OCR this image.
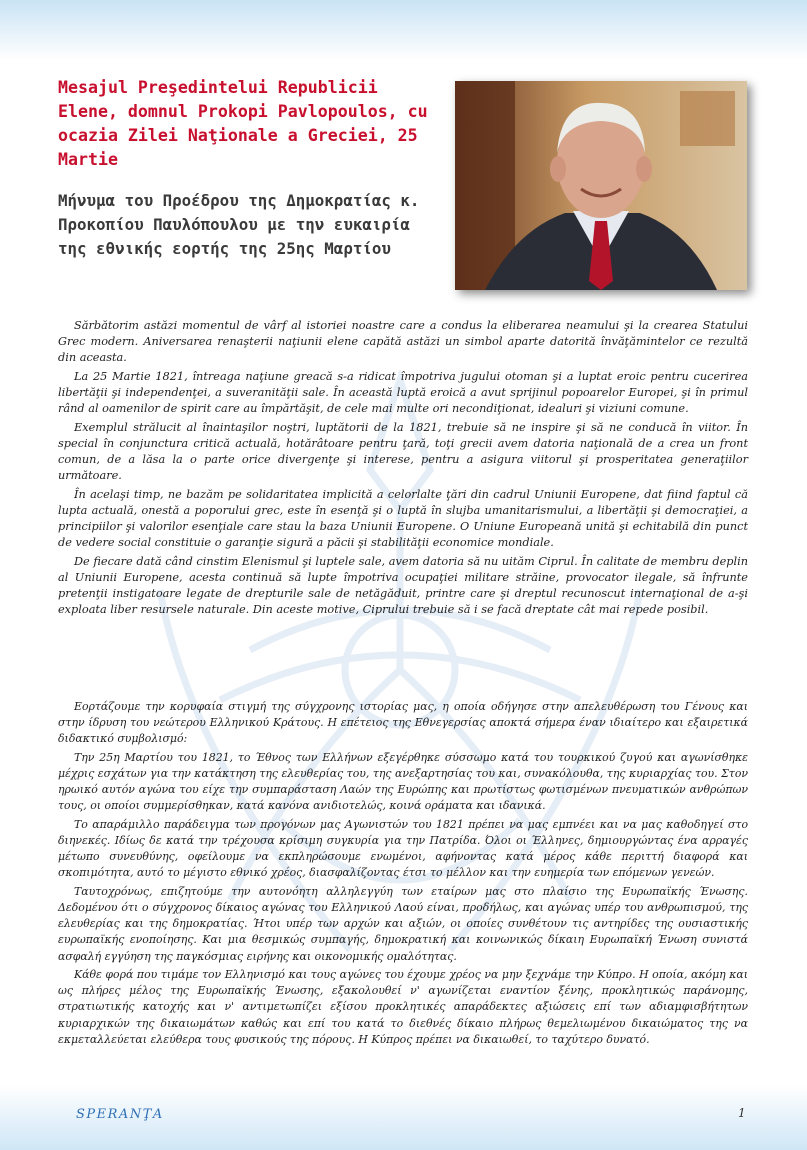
Mesajul Preşedintelui Republicii Elene, domnul Prokopi Pavlopoulos, cu ocazia Zilei Naţionale a Greciei, 25 Martie
Μήνυμα του Προέδρου της Δημοκρατίας κ. Προκοπίου Παυλόπουλου με την ευκαιρία της εθνικής εορτής της 25ης Μαρτίου

Sărbătorim astăzi momentul de vârf al istoriei noastre care a condus la eliberarea neamului şi la crearea Statului Grec modern. Aniversarea renaşterii naţiunii elene capătă astăzi un simbol aparte datorită învăţămintelor ce rezultă din aceasta.

La 25 Martie 1821, întreaga naţiune greacă s-a ridicat împotriva jugului otoman şi a luptat eroic pentru cucerirea libertăţii şi independenţei, a suveranităţii sale. În această luptă eroică a avut sprijinul popoarelor Europei, şi în primul rând al oamenilor de spirit care au împărtăşit, de cele mai multe ori necondiţionat, idealuri şi viziuni comune.

Exemplul strălucit al înaintaşilor noştri, luptătorii de la 1821, trebuie să ne inspire şi să ne conducă în viitor. În special în conjunctura critică actuală, hotărâtoare pentru ţară, toţi grecii avem datoria naţională de a crea un front comun, de a lăsa la o parte orice divergenţe şi interese, pentru a asigura viitorul şi prosperitatea generaţiilor următoare.

În acelaşi timp, ne bazăm pe solidaritatea implicită a celorlalte ţări din cadrul Uniunii Europene, dat fiind faptul că lupta actuală, onestă a poporului grec, este în esenţă şi o luptă în slujba umanitarismului, a libertăţii şi democraţiei, a principiilor şi valorilor esenţiale care stau la baza Uniunii Europene. O Uniune Europeană unită şi echitabilă din punct de vedere social constituie o garanţie sigură a păcii şi stabilităţii economice mondiale.

De fiecare dată când cinstim Elenismul şi luptele sale, avem datoria să nu uităm Ciprul. În calitate de membru deplin al Uniunii Europene, acesta continuă să lupte împotriva ocupaţiei militare străine, provocator ilegale, să înfrunte pretenţii instigatoare legate de drepturile sale de netăgăduit, printre care şi dreptul recunoscut internaţional de a-şi exploata liber resursele naturale. Din aceste motive, Ciprului trebuie să i se facă dreptate cât mai repede posibil.

Εορτάζουμε την κορυφαία στιγμή της σύγχρονης ιστορίας μας, η οποία οδήγησε στην απελευθέρωση του Γένους και στην ίδρυση του νεώτερου Ελληνικού Κράτους. Η επέτειος της Εθνεγερσίας αποκτά σήμερα έναν ιδιαίτερο και εξαιρετικά διδακτικό συμβολισμό:

Την 25η Μαρτίου του 1821, το Έθνος των Ελλήνων εξεγέρθηκε σύσσωμο κατά του τουρκικού ζυγού και αγωνίσθηκε μέχρις εσχάτων για την κατάκτηση της ελευθερίας του, της ανεξαρτησίας του και, συνακόλουθα, της κυριαρχίας του. Στον ηρωικό αυτόν αγώνα του είχε την συμπαράσταση Λαών της Ευρώπης και πρωτίστως φωτισμένων πνευματικών ανθρώπων τους, οι οποίοι συμμερίσθηκαν, κατά κανόνα ανιδιοτελώς, κοινά οράματα και ιδανικά.

Το απαράμιλλο παράδειγμα των προγόνων μας Αγωνιστών του 1821 πρέπει να μας εμπνέει και να μας καθοδηγεί στο διηνεκές. Ιδίως δε κατά την τρέχουσα κρίσιμη συγκυρία για την Πατρίδα. Όλοι οι Έλληνες, δημιουργώντας ένα αρραγές μέτωπο συνευθύνης, οφείλουμε να εκπληρώσουμε ενωμένοι, αφήνοντας κατά μέρος κάθε περιττή διαφορά και σκοπιμότητα, αυτό το μέγιστο εθνικό χρέος, διασφαλίζοντας έτσι το μέλλον και την ευημερία των επόμενων γενεών.

Ταυτοχρόνως, επιζητούμε την αυτονόητη αλληλεγγύη των εταίρων μας στο πλαίσιο της Ευρωπαϊκής Ένωσης. Δεδομένου ότι ο σύγχρονος δίκαιος αγώνας του Ελληνικού Λαού είναι, προδήλως, και αγώνας υπέρ του ανθρωπισμού, της ελευθερίας και της δημοκρατίας. Ήτοι υπέρ των αρχών και αξιών, οι οποίες συνθέτουν τις αντηρίδες της ουσιαστικής ευρωπαϊκής ενοποίησης. Και μια θεσμικώς συμπαγής, δημοκρατική και κοινωνικώς δίκαιη Ευρωπαϊκή Ένωση συνιστά ασφαλή εγγύηση της παγκόσμιας ειρήνης και οικονομικής ομαλότητας.

Κάθε φορά που τιμάμε τον Ελληνισμό και τους αγώνες του έχουμε χρέος να μην ξεχνάμε την Κύπρο. Η οποία, ακόμη και ως πλήρες μέλος της Ευρωπαϊκής Ένωσης, εξακολουθεί ν' αγωνίζεται εναντίον ξένης, προκλητικώς παράνομης, στρατιωτικής κατοχής και ν' αντιμετωπίζει εξίσου προκλητικές απαράδεκτες αξιώσεις επί των αδιαμφισβήτητων κυριαρχικών της δικαιωμάτων καθώς και επί του κατά το διεθνές δίκαιο πλήρως θεμελιωμένου δικαιώματος της να εκμεταλλεύεται ελεύθερα τους φυσικούς της πόρους. Η Κύπρος πρέπει να δικαιωθεί, το ταχύτερο δυνατό.

SPERANŢA	1
